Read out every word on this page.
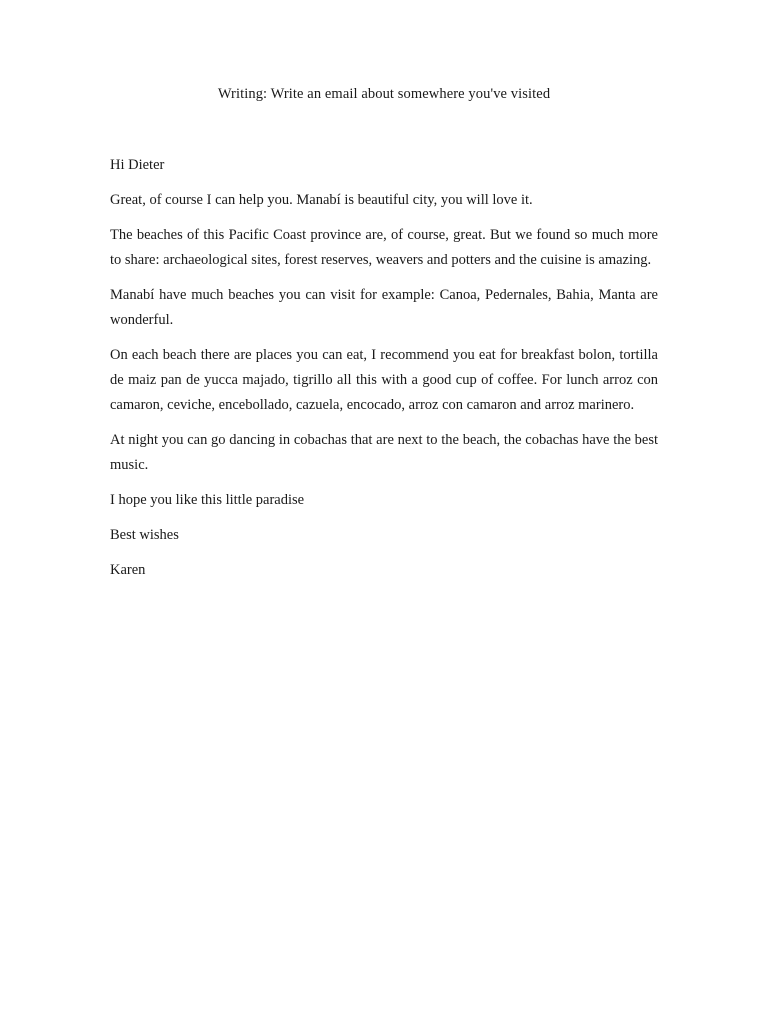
Writing: Write an email about somewhere you've visited

Hi Dieter

Great, of course I can help you. Manabí is beautiful city, you will love it.

The beaches of this Pacific Coast province are, of course, great. But we found so much more to share: archaeological sites, forest reserves, weavers and potters and the cuisine is amazing.

Manabí have much beaches you can visit for example: Canoa, Pedernales, Bahia, Manta are wonderful.

On each beach there are places you can eat, I recommend you eat for breakfast bolon, tortilla de maiz pan de yucca majado, tigrillo all this with a good cup of coffee. For lunch arroz con camaron, ceviche, encebollado, cazuela, encocado, arroz con camaron and arroz marinero.

At night you can go dancing in cobachas that are next to the beach, the cobachas have the best music.

I hope you like this little paradise

Best wishes

Karen
